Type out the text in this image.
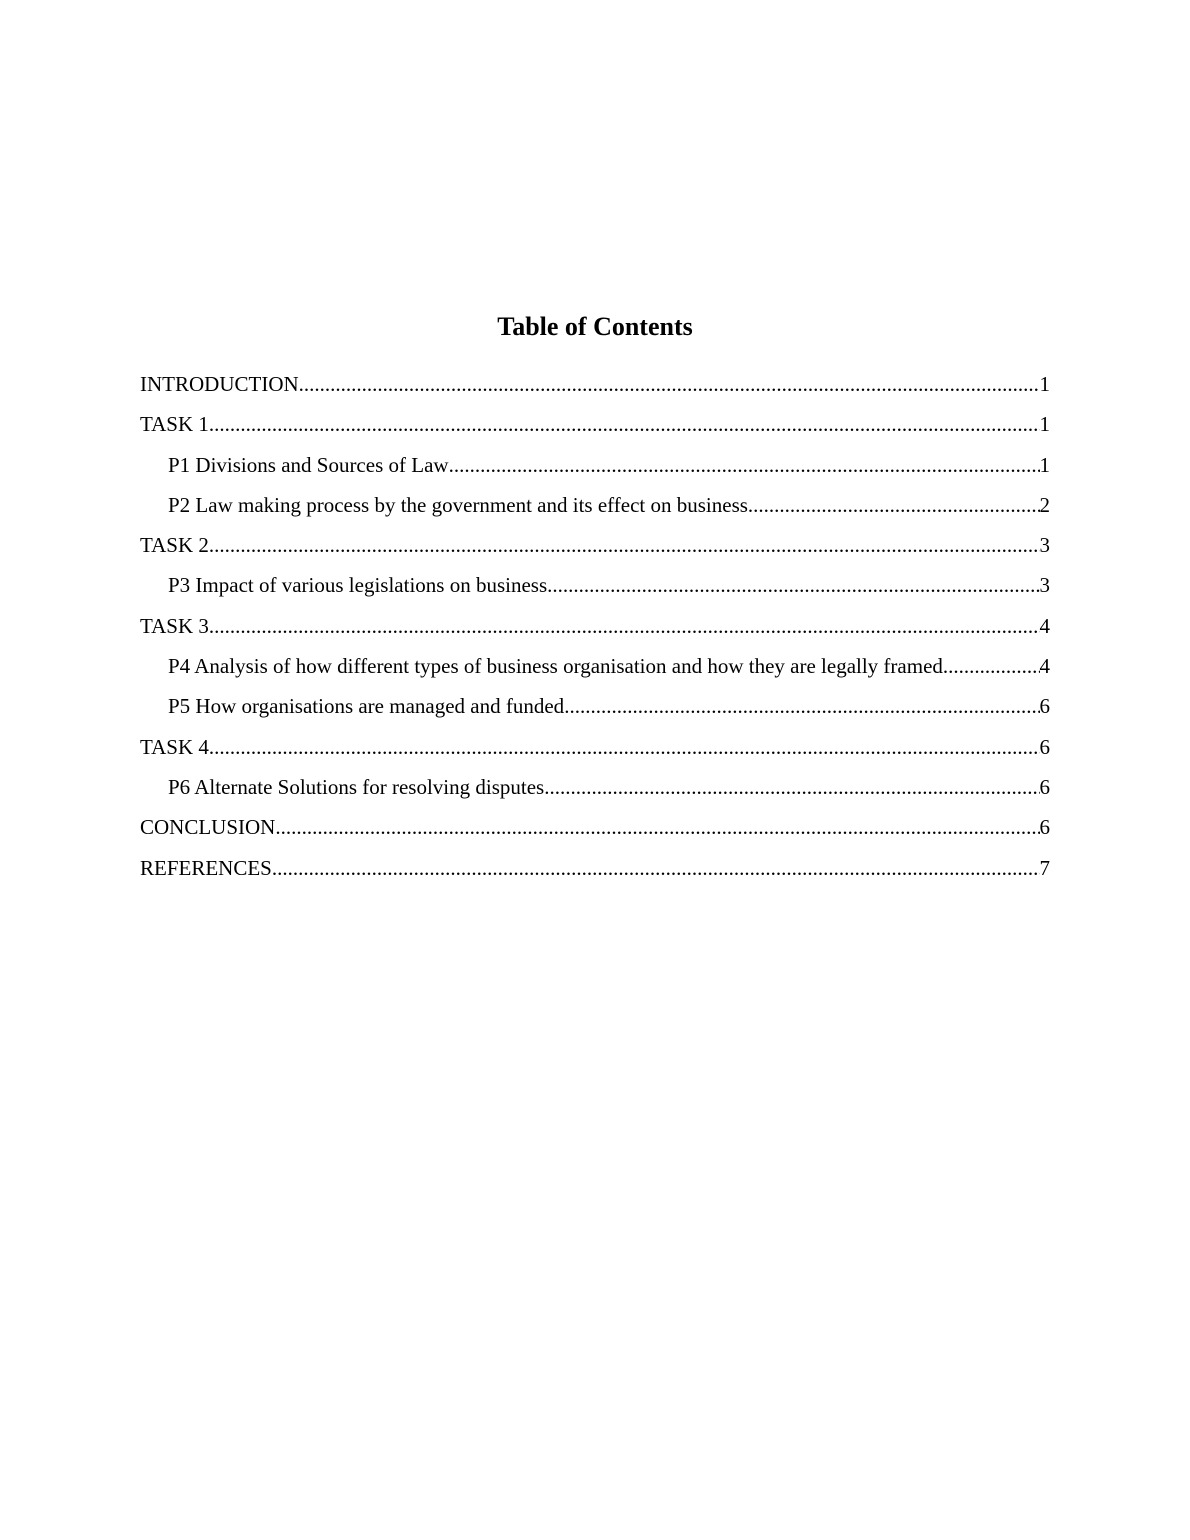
Table of Contents
INTRODUCTION .....	1
TASK 1 .....	1
P1 Divisions and Sources of Law .....	1
P2 Law making process by the government and its effect on business .....	2
TASK 2 .....	3
P3 Impact of various legislations on business .....	3
TASK 3 .....	4
P4 Analysis of how different types of business organisation and how they are legally framed .....	4
P5 How organisations are managed and funded .....	6
TASK 4 .....	6
P6 Alternate Solutions for resolving disputes .....	6
CONCLUSION .....	6
REFERENCES .....	7
